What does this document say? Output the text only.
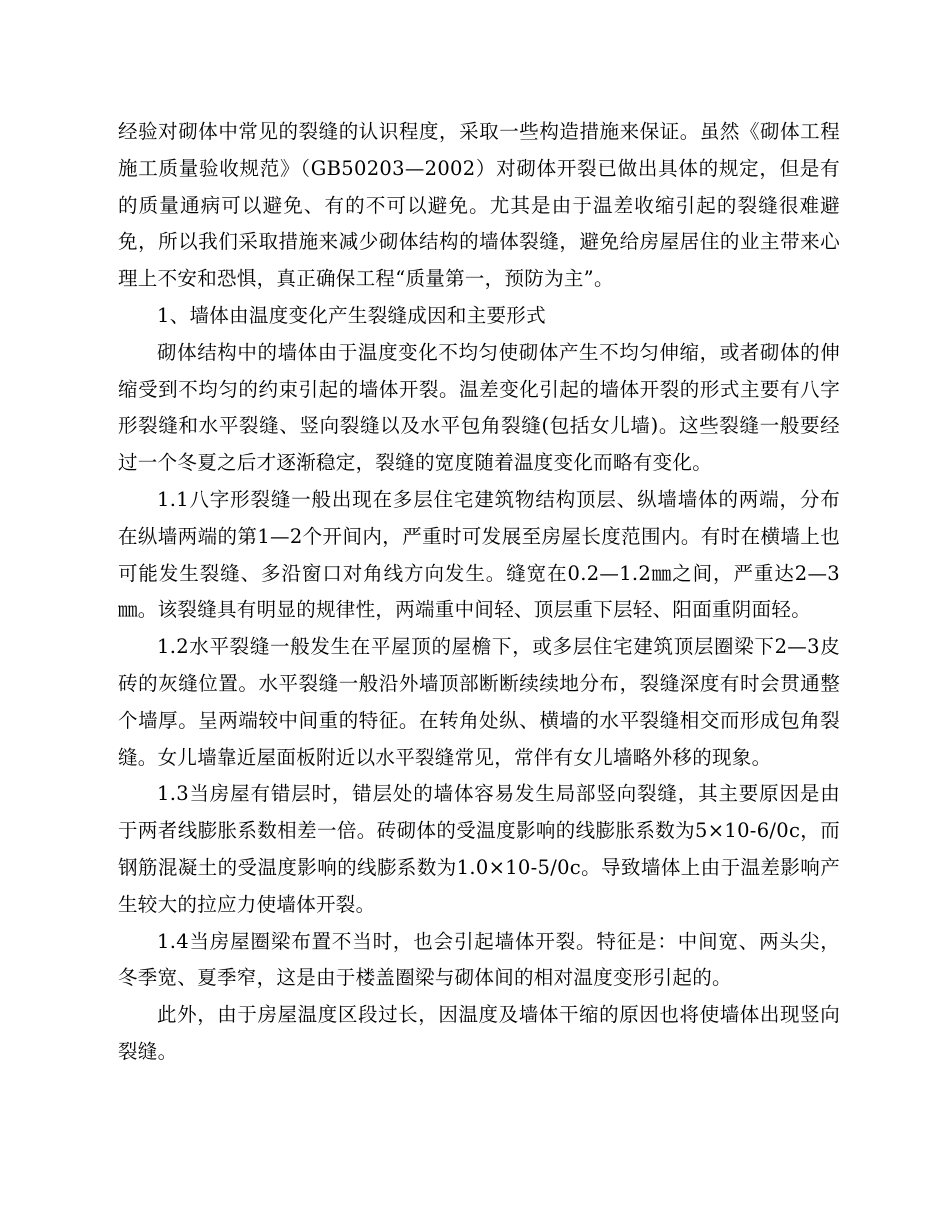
经验对砌体中常见的裂缝的认识程度，采取一些构造措施来保证。虽然《砌体工程施工质量验收规范》（GB50203—2002）对砌体开裂已做出具体的规定，但是有的质量通病可以避免、有的不可以避免。尤其是由于温差收缩引起的裂缝很难避免，所以我们采取措施来减少砌体结构的墙体裂缝，避免给房屋居住的业主带来心理上不安和恐惧，真正确保工程“质量第一，预防为主”。

1、墙体由温度变化产生裂缝成因和主要形式

砌体结构中的墙体由于温度变化不均匀使砌体产生不均匀伸缩，或者砌体的伸缩受到不均匀的约束引起的墙体开裂。温差变化引起的墙体开裂的形式主要有八字形裂缝和水平裂缝、竖向裂缝以及水平包角裂缝(包括女儿墙)。这些裂缝一般要经过一个冬夏之后才逐渐稳定，裂缝的宽度随着温度变化而略有变化。

1.1八字形裂缝一般出现在多层住宅建筑物结构顶层、纵墙墙体的两端，分布在纵墙两端的第1—2个开间内，严重时可发展至房屋长度范围内。有时在横墙上也可能发生裂缝、多沿窗口对角线方向发生。缝宽在0.2—1.2㎜之间，严重达2—3㎜。该裂缝具有明显的规律性，两端重中间轻、顶层重下层轻、阳面重阴面轻。

1.2水平裂缝一般发生在平屋顶的屋檐下，或多层住宅建筑顶层圈梁下2—3皮砖的灰缝位置。水平裂缝一般沿外墙顶部断断续续地分布，裂缝深度有时会贯通整个墙厚。呈两端较中间重的特征。在转角处纵、横墙的水平裂缝相交而形成包角裂缝。女儿墙靠近屋面板附近以水平裂缝常见，常伴有女儿墙略外移的现象。

1.3当房屋有错层时，错层处的墙体容易发生局部竖向裂缝，其主要原因是由于两者线膨胀系数相差一倍。砖砌体的受温度影响的线膨胀系数为5×10-6/0c，而钢筋混凝土的受温度影响的线膨系数为1.0×10-5/0c。导致墙体上由于温差影响产生较大的拉应力使墙体开裂。

1.4当房屋圈梁布置不当时，也会引起墙体开裂。特征是：中间宽、两头尖，冬季宽、夏季窄，这是由于楼盖圈梁与砌体间的相对温度变形引起的。

此外，由于房屋温度区段过长，因温度及墙体干缩的原因也将使墙体出现竖向裂缝。
